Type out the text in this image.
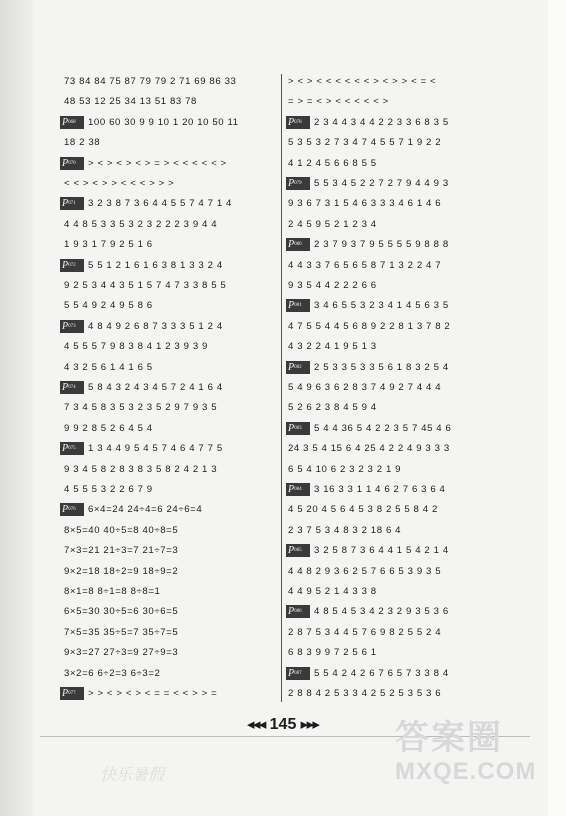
73 84 84 75 87 79 79 2 71 69 86 33
48 53 12 25 34 13 51 83 78
P068	100 60 30 9 9 10 1 20 10 50 11
18 2 38
P070	> < > < > < > = > < < < < < >
< < > < > > < < < > > >
P071	3 2 3 8 7 3 6 4 4 5 5 7 4 7 1 4
4 4 8 5 3 3 5 3 2 3 2 2 2 3 9 4 4
1 9 3 1 7 9 2 5 1 6
P072	5 5 1 2 1 6 1 6 3 8 1 3 3 2 4
9 2 5 3 4 4 3 5 1 5 7 4 7 3 3 8 5 5
5 5 4 9 2 4 9 5 8 6
P073	4 8 4 9 2 6 8 7 3 3 3 5 1 2 4
4 5 5 5 7 9 8 3 8 4 1 2 3 9 3 9
4 3 2 5 6 1 4 1 6 5
P074	5 8 4 3 2 4 3 4 5 7 2 4 1 6 4
7 3 4 5 8 3 5 3 2 3 5 2 9 7 9 3 5
9 9 2 8 5 2 6 4 5 4
P075	1 3 4 4 9 5 4 5 7 4 6 4 7 7 5
9 3 4 5 8 2 8 3 8 3 5 8 2 4 2 1 3
4 5 5 5 3 2 2 6 7 9
P076	6×4=24 24÷4=6 24÷6=4
8×5=40 40÷5=8 40÷8=5
7×3=21 21÷3=7 21÷7=3
9×2=18 18÷2=9 18÷9=2
8×1=8 8÷1=8 8÷8=1
6×5=30 30÷5=6 30÷6=5
7×5=35 35÷5=7 35÷7=5
9×3=27 27÷3=9 27÷9=3
3×2=6 6÷2=3 6÷3=2
P077	> > < > < > < = = < < > > =
> < > < < < < < < > < > > < = <
= > = < > < < < < < >
P078	2 3 4 4 3 4 4 2 2 3 3 6 8 3 5
5 3 5 3 2 7 3 4 7 4 5 5 7 1 9 2 2
4 1 2 4 5 6 6 8 5 5
P079	5 5 3 4 5 2 2 7 2 7 9 4 4 9 3
9 3 6 7 3 1 5 4 6 3 3 3 4 6 1 4 6
2 4 5 9 5 2 1 2 3 4
P080	2 3 7 9 3 7 9 5 5 5 5 9 8 8 8
4 4 3 3 7 6 5 6 5 8 7 1 3 2 2 4 7
9 3 5 4 4 2 2 2 6 6
P081	3 4 6 5 5 3 2 3 4 1 4 5 6 3 5
4 7 5 5 4 4 5 6 8 9 2 2 8 1 3 7 8 2
4 3 2 2 4 1 9 5 1 3
P082	2 5 3 3 5 3 3 5 6 1 8 3 2 5 4
5 4 9 6 3 6 2 8 3 7 4 9 2 7 4 4 4
5 2 6 2 3 8 4 5 9 4
P083	5 4 4 36 5 4 2 2 3 5 7 45 4 6
24 3 5 4 15 6 4 25 4 2 2 4 9 3 3 3
6 5 4 10 6 2 3 2 3 2 1 9
P084	3 16 3 3 1 1 4 6 2 7 6 3 6 4
4 5 20 4 5 6 4 5 3 8 2 5 5 8 4 2
2 3 7 5 3 4 8 3 2 18 6 4
P085	3 2 5 8 7 3 6 4 4 1 5 4 2 1 4
4 4 8 2 9 3 6 2 5 7 6 6 5 3 9 3 5
4 4 9 5 2 1 4 3 3 8
P086	4 8 5 4 5 3 4 2 3 2 9 3 5 3 6
2 8 7 5 3 4 4 5 7 6 9 8 2 5 5 2 4
6 8 3 9 9 7 2 5 6 1
P087	5 5 4 2 4 2 6 7 6 5 7 3 3 8 4
2 8 8 4 2 5 3 3 4 2 5 2 5 3 5 3 6
◀◀◀ 145 ▶▶▶	答案圈
MXQE.COM
快乐暑假
